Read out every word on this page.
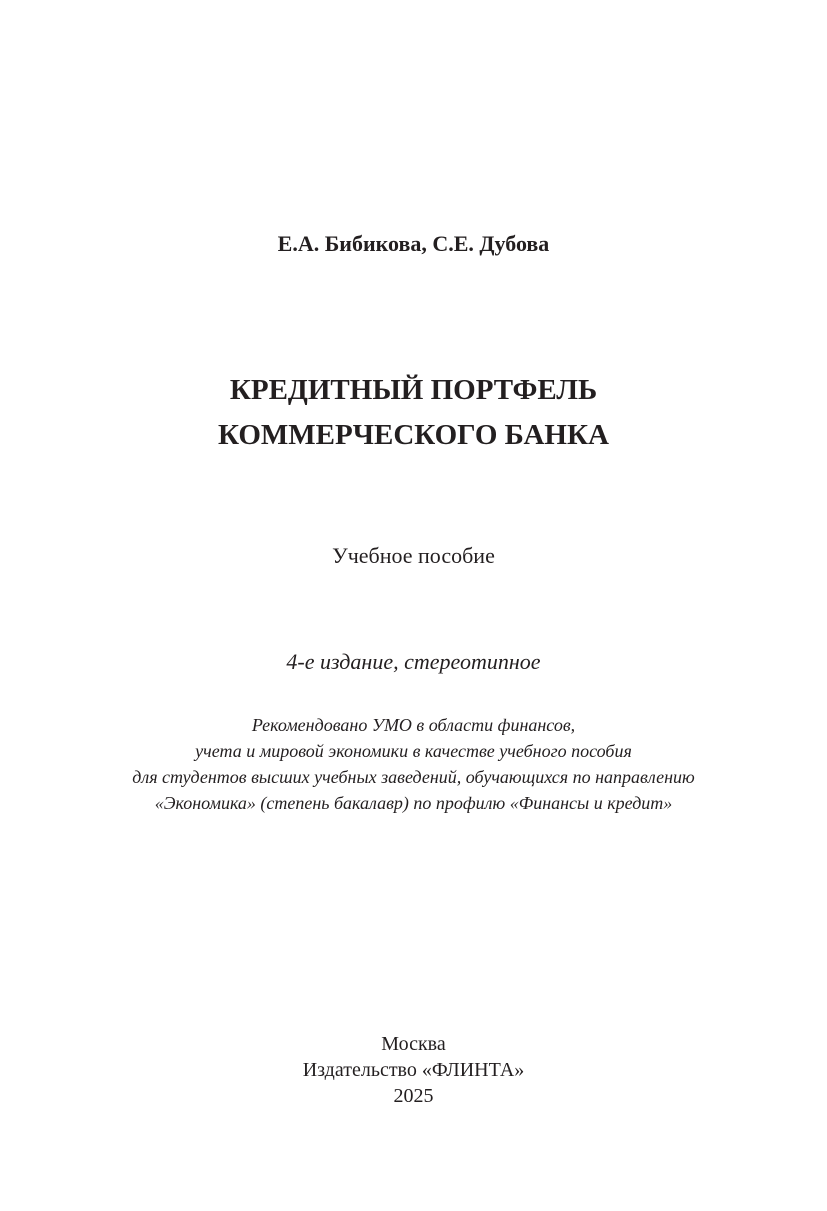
Е.А. Бибикова, С.Е. Дубова
КРЕДИТНЫЙ ПОРТФЕЛЬ
КОММЕРЧЕСКОГО БАНКА
Учебное пособие
4-е издание, стереотипное
Рекомендовано УМО в области финансов,
учета и мировой экономики в качестве учебного пособия
для студентов высших учебных заведений, обучающихся по направлению
«Экономика» (степень бакалавр) по профилю «Финансы и кредит»
Москва
Издательство «ФЛИНТА»
2025
